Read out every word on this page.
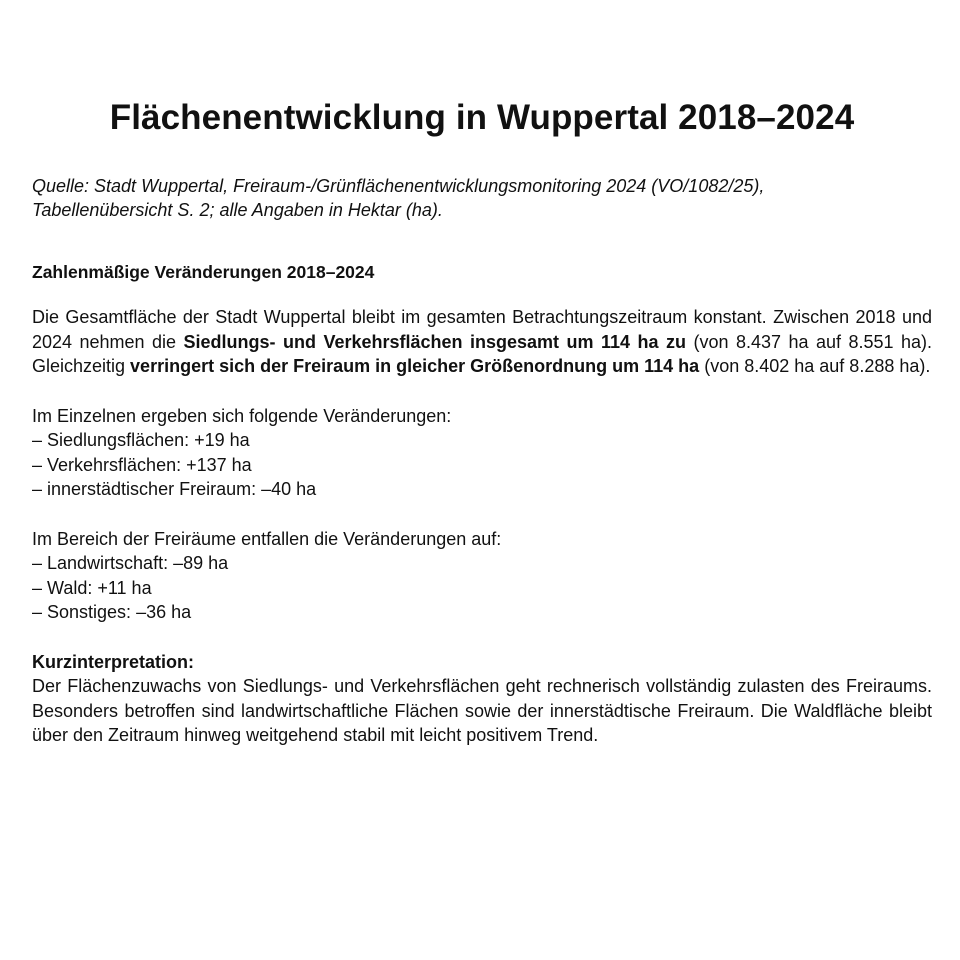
Flächenentwicklung in Wuppertal 2018–2024
Quelle: Stadt Wuppertal, Freiraum-/Grünflächenentwicklungsmonitoring 2024 (VO/1082/25),
Tabellenübersicht S. 2; alle Angaben in Hektar (ha).
Zahlenmäßige Veränderungen 2018–2024

Die Gesamtfläche der Stadt Wuppertal bleibt im gesamten Betrachtungszeitraum konstant. Zwischen 2018 und 2024 nehmen die Siedlungs- und Verkehrsflächen insgesamt um 114 ha zu (von 8.437 ha auf 8.551 ha). Gleichzeitig verringert sich der Freiraum in gleicher Größenordnung um 114 ha (von 8.402 ha auf 8.288 ha).

Im Einzelnen ergeben sich folgende Veränderungen:
– Siedlungsflächen: +19 ha
– Verkehrsflächen: +137 ha
– innerstädtischer Freiraum: –40 ha
Im Bereich der Freiräume entfallen die Veränderungen auf:
– Landwirtschaft: –89 ha
– Wald: +11 ha
– Sonstiges: –36 ha
Kurzinterpretation:
Der Flächenzuwachs von Siedlungs- und Verkehrsflächen geht rechnerisch vollständig zulasten des Freiraums. Besonders betroffen sind landwirtschaftliche Flächen sowie der innerstädtische Freiraum. Die Waldfläche bleibt über den Zeitraum hinweg weitgehend stabil mit leicht positivem Trend.
